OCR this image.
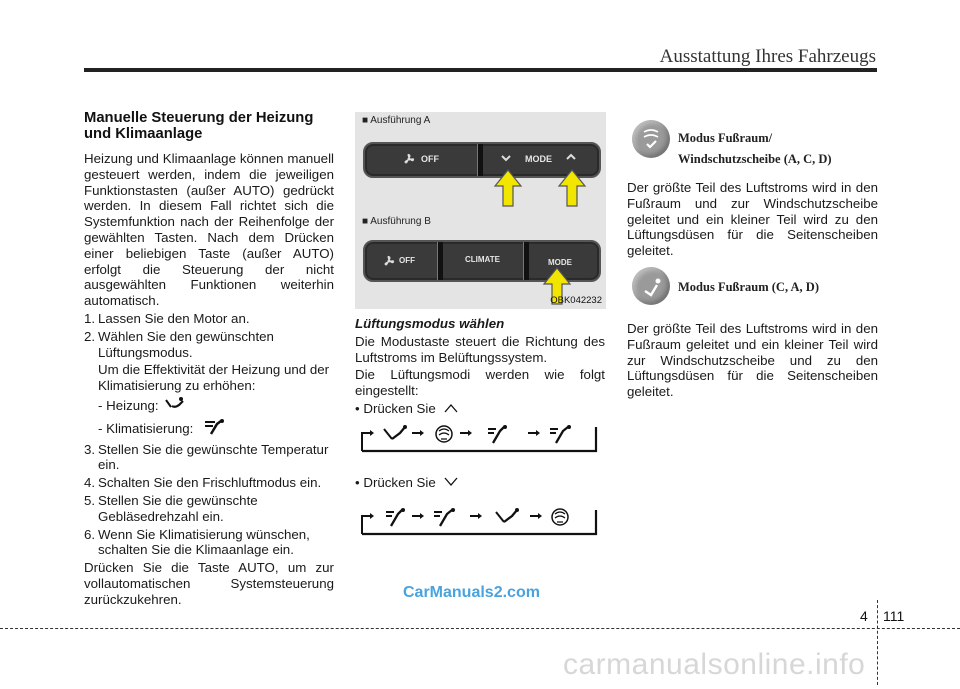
Ausstattung Ihres Fahrzeugs
Manuelle Steuerung der Heizung und Klimaanlage

Heizung und Klimaanlage können manuell gesteuert werden, indem die jeweiligen Funktionstasten (außer AUTO) gedrückt werden. In diesem Fall richtet sich die Systemfunktion nach der Reihenfolge der gewählten Tasten. Nach dem Drücken einer beliebigen Taste (außer AUTO) erfolgt die Steuerung der nicht ausgewählten Funktionen weiterhin automatisch.

1. Lassen Sie den Motor an.
2. Wählen Sie den gewünschten Lüftungsmodus.

Um die Effektivität der Heizung und der Klimatisierung zu erhöhen:

- Heizung:
- Klimatisierung:
3. Stellen Sie die gewünschte Temperatur ein.
4. Schalten Sie den Frischluftmodus ein.
5. Stellen Sie die gewünschte Gebläsedrehzahl ein.
6. Wenn Sie Klimatisierung wünschen, schalten Sie die Klimaanlage ein.

Drücken Sie die Taste AUTO, um zur vollautomatischen Systemsteuerung zurückzukehren.

■ Ausführung A
OFF	MODE
■ Ausführung B
OFF	CLIMATE	MODE
OBK042232

Lüftungsmodus wählen

Die Modustaste steuert die Richtung des Luftstroms im Belüftungssystem.

Die Lüftungsmodi werden wie folgt eingestellt:

• Drücken Sie

• Drücken Sie

Modus Fußraum/
Windschutzscheibe (A, C, D)

Der größte Teil des Luftstroms wird in den Fußraum und zur Windschutzscheibe geleitet und ein kleiner Teil wird zu den Lüftungsdüsen für die Seitenscheiben geleitet.

Modus Fußraum (C, A, D)

Der größte Teil des Luftstroms wird in den Fußraum geleitet und ein kleiner Teil wird zur Windschutzscheibe und zu den Lüftungsdüsen für die Seitenscheiben geleitet.

CarManuals2.com
4 111
carmanualsonline.info
